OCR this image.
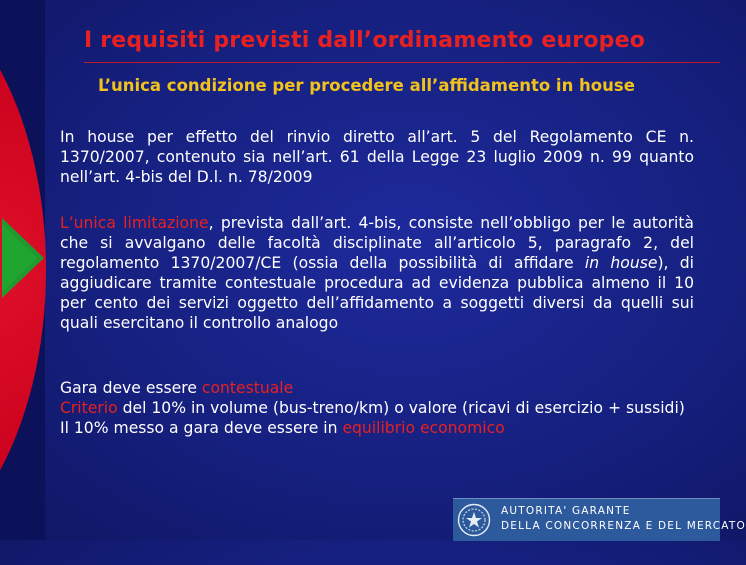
I requisiti previsti dall’ordinamento europeo
L’unica condizione per procedere all’affidamento in house

In house per effetto del rinvio diretto all’art. 5 del Regolamento CE n. 1370/2007, contenuto sia nell’art. 61 della Legge 23 luglio 2009 n. 99 quanto nell’art. 4-bis del D.l. n. 78/2009

L’unica limitazione, prevista dall’art. 4-bis, consiste nell’obbligo per le autorità che si avvalgano delle facoltà disciplinate all’articolo 5, paragrafo 2, del regolamento 1370/2007/CE (ossia della possibilità di affidare in house), di aggiudicare tramite contestuale procedura ad evidenza pubblica almeno il 10 per cento dei servizi oggetto dell’affidamento a soggetti diversi da quelli sui quali esercitano il controllo analogo

Gara deve essere contestuale
Criterio del 10% in volume (bus-treno/km) o valore (ricavi di esercizio + sussidi)
Il 10% messo a gara deve essere in equilibrio economico

AUTORITA' GARANTE

DELLA CONCORRENZA E DEL MERCATO
